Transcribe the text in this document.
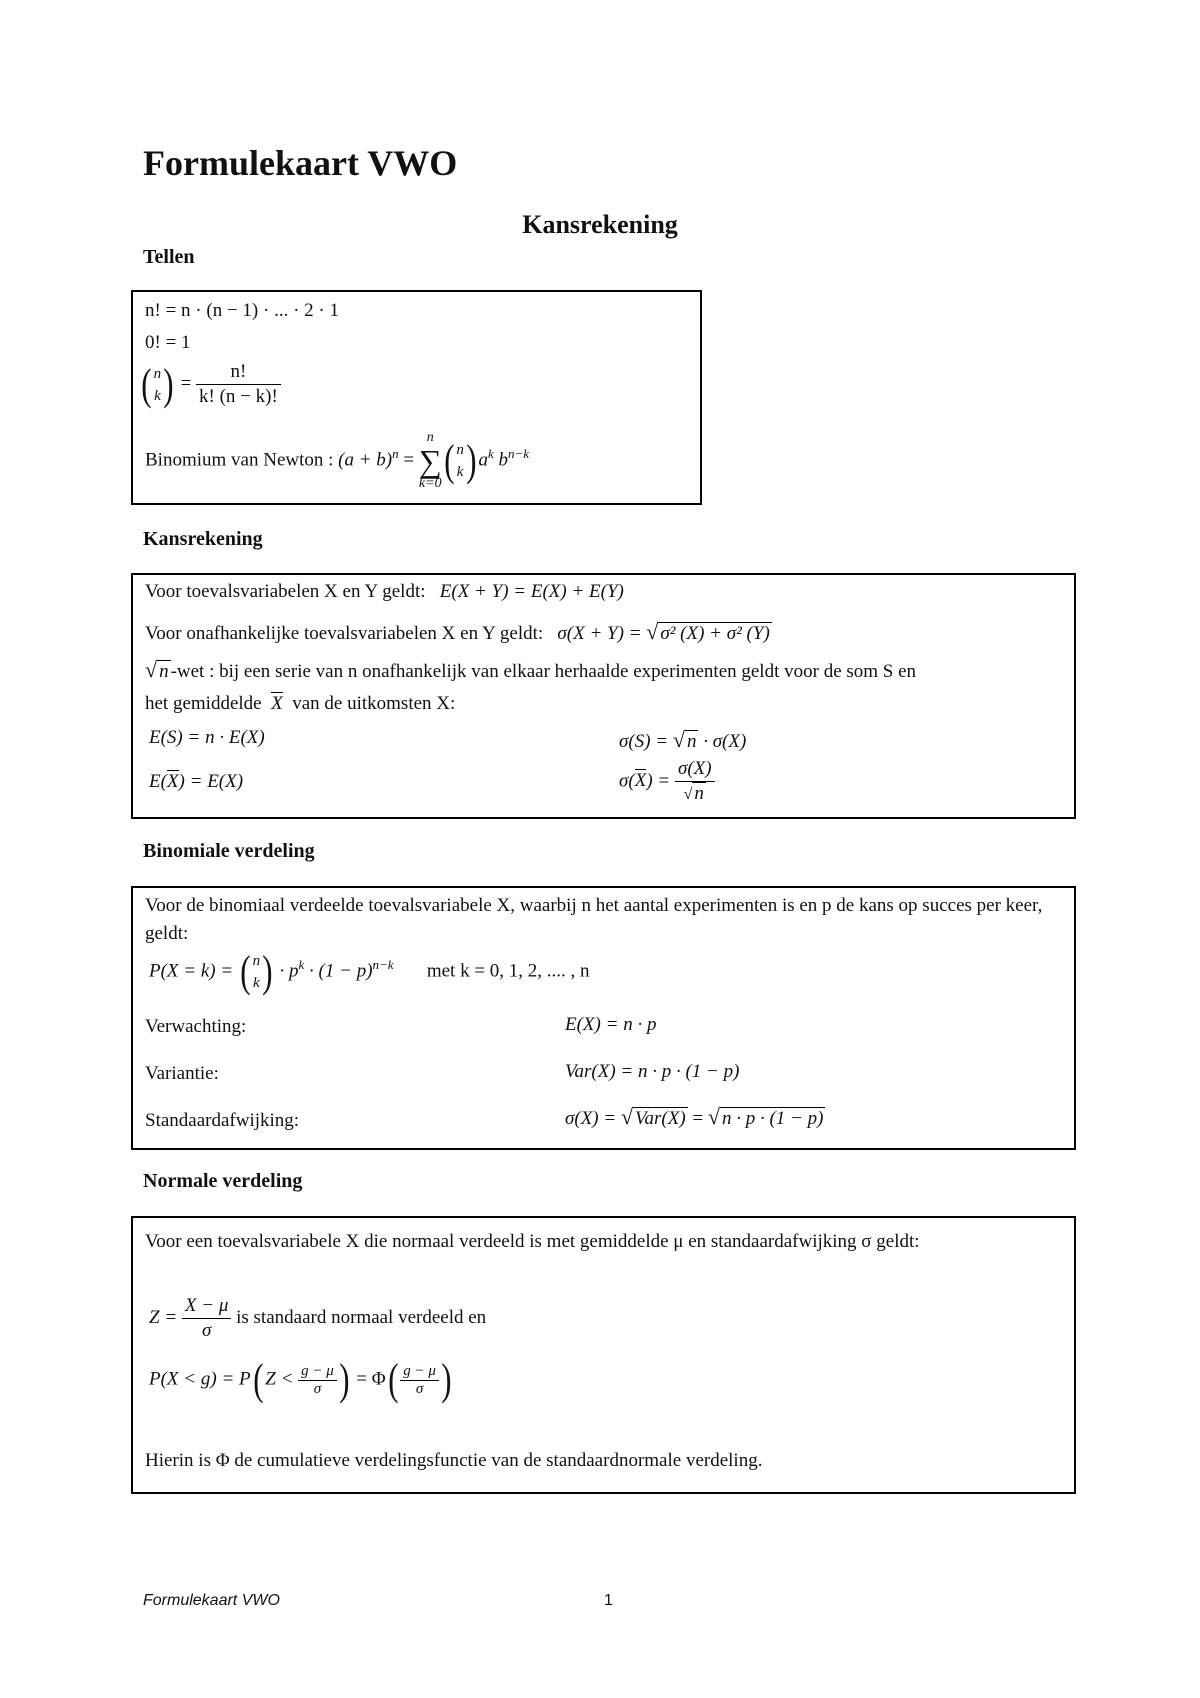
Formulekaart VWO
Kansrekening
Tellen
n! = n · (n − 1) · ... · 2 · 1
0! = 1
( n
k ) = $\frac{n!}{k! (n - k)!}$
Binomium van Newton : $(a + b)^n$ =
n
∑
k=0 ( n
k ) $a^k$ $b^{n-k}$
Kansrekening
Voor toevalsvariabelen X en Y geldt: E(X + Y) = E(X) + E(Y)
Voor onafhankelijke toevalsvariabelen X en Y geldt: σ(X + Y) = √ σ² (X) + σ² (Y)
√ n -wet : bij een serie van n onafhankelijk van elkaar herhaalde experimenten geldt voor de som S en
het gemiddelde X van de uitkomsten X:
E(S) = n · E(X)	σ(S) = √ n · σ(X)
E(X) = E(X)	$\sigma(X) = \frac{\sigma(X)}{√ n}$
Binomiale verdeling
Voor de binomiaal verdeelde toevalsvariabele X, waarbij n het aantal experimenten is en p de kans op succes per keer, geldt:
P(X = k) = ( n
k ) · $p^k \cdot (1 - p)^{n-k}$ met k = 0, 1, 2, .... , n
Verwachting:	E(X) = n · p
Variantie:	Var(X) = n · p · (1 − p)
Standaardafwijking:	σ(X) = √ Var(X) = √ n · p · (1 − p)
Normale verdeling
Voor een toevalsvariabele X die normaal verdeeld is met gemiddelde μ en standaardafwijking σ geldt:
$Z = \frac{X - \mu}{\sigma}$ is standaard normaal verdeeld en
P(X < g) = P( $Z < \frac{g - \mu}{\sigma}$ ) = $\Phi( \frac{g - \mu}{\sigma}$ )
Hierin is Φ de cumulatieve verdelingsfunctie van de standaardnormale verdeling.
Formulekaart VWO	1
